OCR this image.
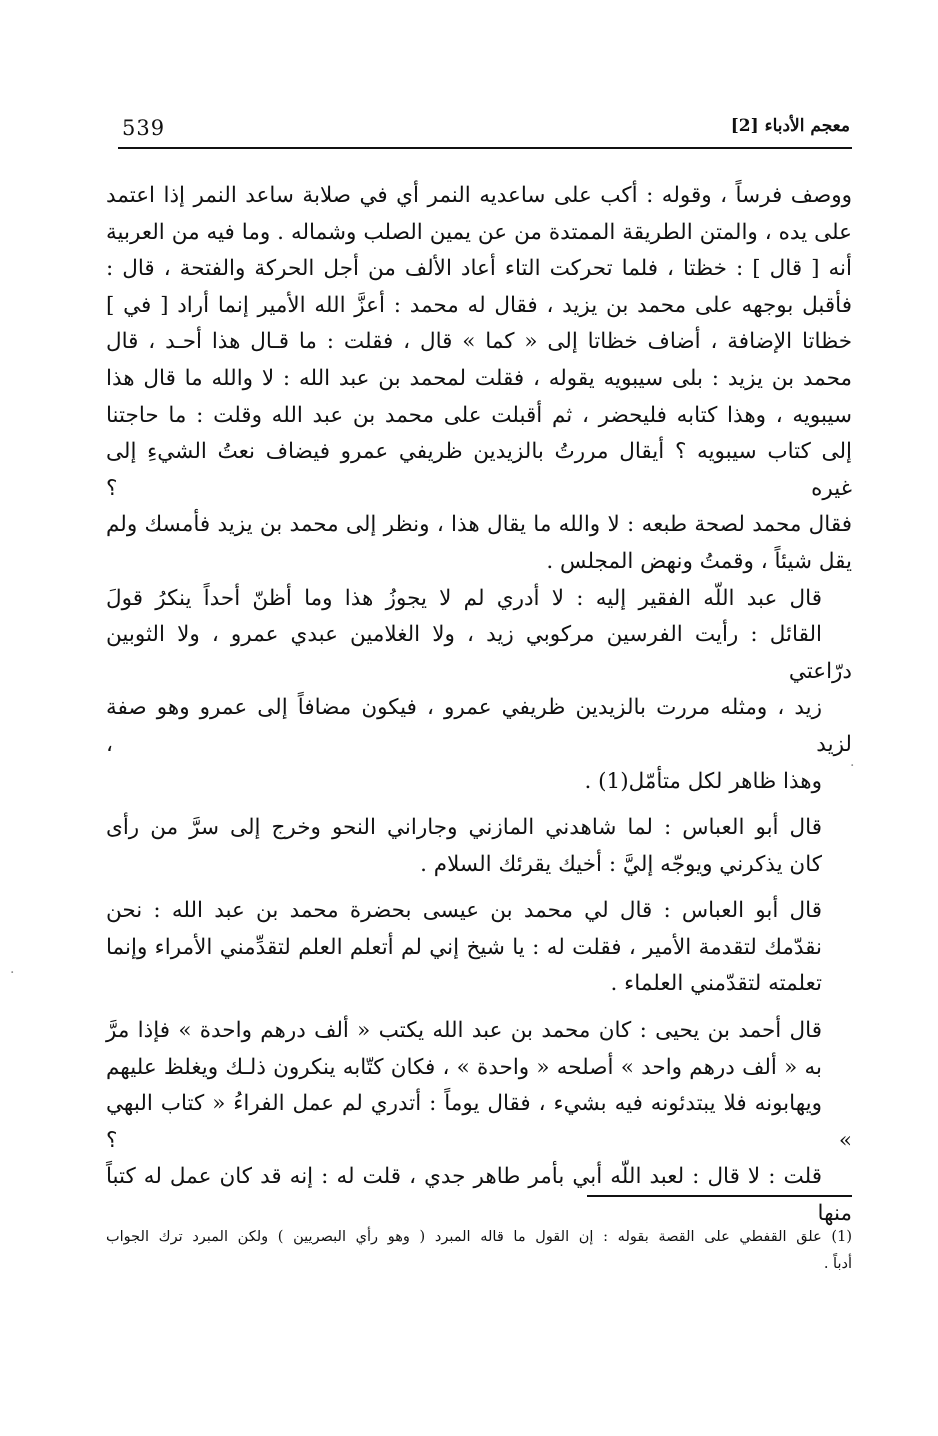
539	معجم الأدباء [2]

ووصف فرساً ، وقوله : أكب على ساعديه النمر أي في صلابة ساعد النمر إذا اعتمد
على يده ، والمتن الطريقة الممتدة من عن يمين الصلب وشماله . وما فيه من العربية
أنه [ قال ] : خظتا ، فلما تحركت التاء أعاد الألف من أجل الحركة والفتحة ، قال :
فأقبل بوجهه على محمد بن يزيد ، فقال له محمد : أعزَّ الله الأمير إنما أراد [ في ]
خظاتا الإضافة ، أضاف خظاتا إلى « كما » قال ، فقلت : ما قـال هذا أحـد ، قال
محمد بن يزيد : بلى سيبويه يقوله ، فقلت لمحمد بن عبد الله : لا والله ما قال هذا
سيبويه ، وهذا كتابه فليحضر ، ثم أقبلت على محمد بن عبد الله وقلت : ما حاجتنا
إلى كتاب سيبويه ؟ أيقال مررتُ بالزيدين ظريفي عمرو فيضاف نعتُ الشيءِ إلى غيره ؟
فقال محمد لصحة طبعه : لا والله ما يقال هذا ، ونظر إلى محمد بن يزيد فأمسك ولم
يقل شيئاً ، وقمتُ ونهض المجلس .

قال عبد اللّه الفقير إليه : لا أدري لم لا يجوزُ هذا وما أظنّ أحداً ينكرُ قولَ
القائل : رأيت الفرسين مركوبي زيد ، ولا الغلامين عبدي عمرو ، ولا الثوبين درّاعتي
زيد ، ومثله مررت بالزيدين ظريفي عمرو ، فيكون مضافاً إلى عمرو وهو صفة لزيد ،
وهذا ظاهر لكل متأمّل(1) .

قال أبو العباس : لما شاهدني المازني وجاراني النحو وخرج إلى سرَّ من رأى
كان يذكرني ويوجّه إليَّ : أخيك يقرئك السلام .

قال أبو العباس : قال لي محمد بن عيسى بحضرة محمد بن عبد الله : نحن
نقدّمك لتقدمة الأمير ، فقلت له : يا شيخ إني لم أتعلم العلم لتقدِّمني الأمراء وإنما
تعلمته لتقدّمني العلماء .

قال أحمد بن يحيى : كان محمد بن عبد الله يكتب « ألف درهم واحدة » فإذا مرَّ
به « ألف درهم واحد » أصلحه « واحدة » ، فكان كتّابه ينكرون ذلـك ويغلظ عليهم
ويهابونه فلا يبتدئونه فيه بشيء ، فقال يوماً : أتدري لم عمل الفراءُ « كتاب البهي » ؟
قلت : لا قال : لعبد اللّه أبي بأمر طاهر جدي ، قلت له : إنه قد كان عمل له كتباً منها

(1) علق القفطي على القصة بقوله : إن القول ما قاله المبرد ( وهو رأي البصريين ) ولكن المبرد ترك الجواب
أدباً .
·
·
